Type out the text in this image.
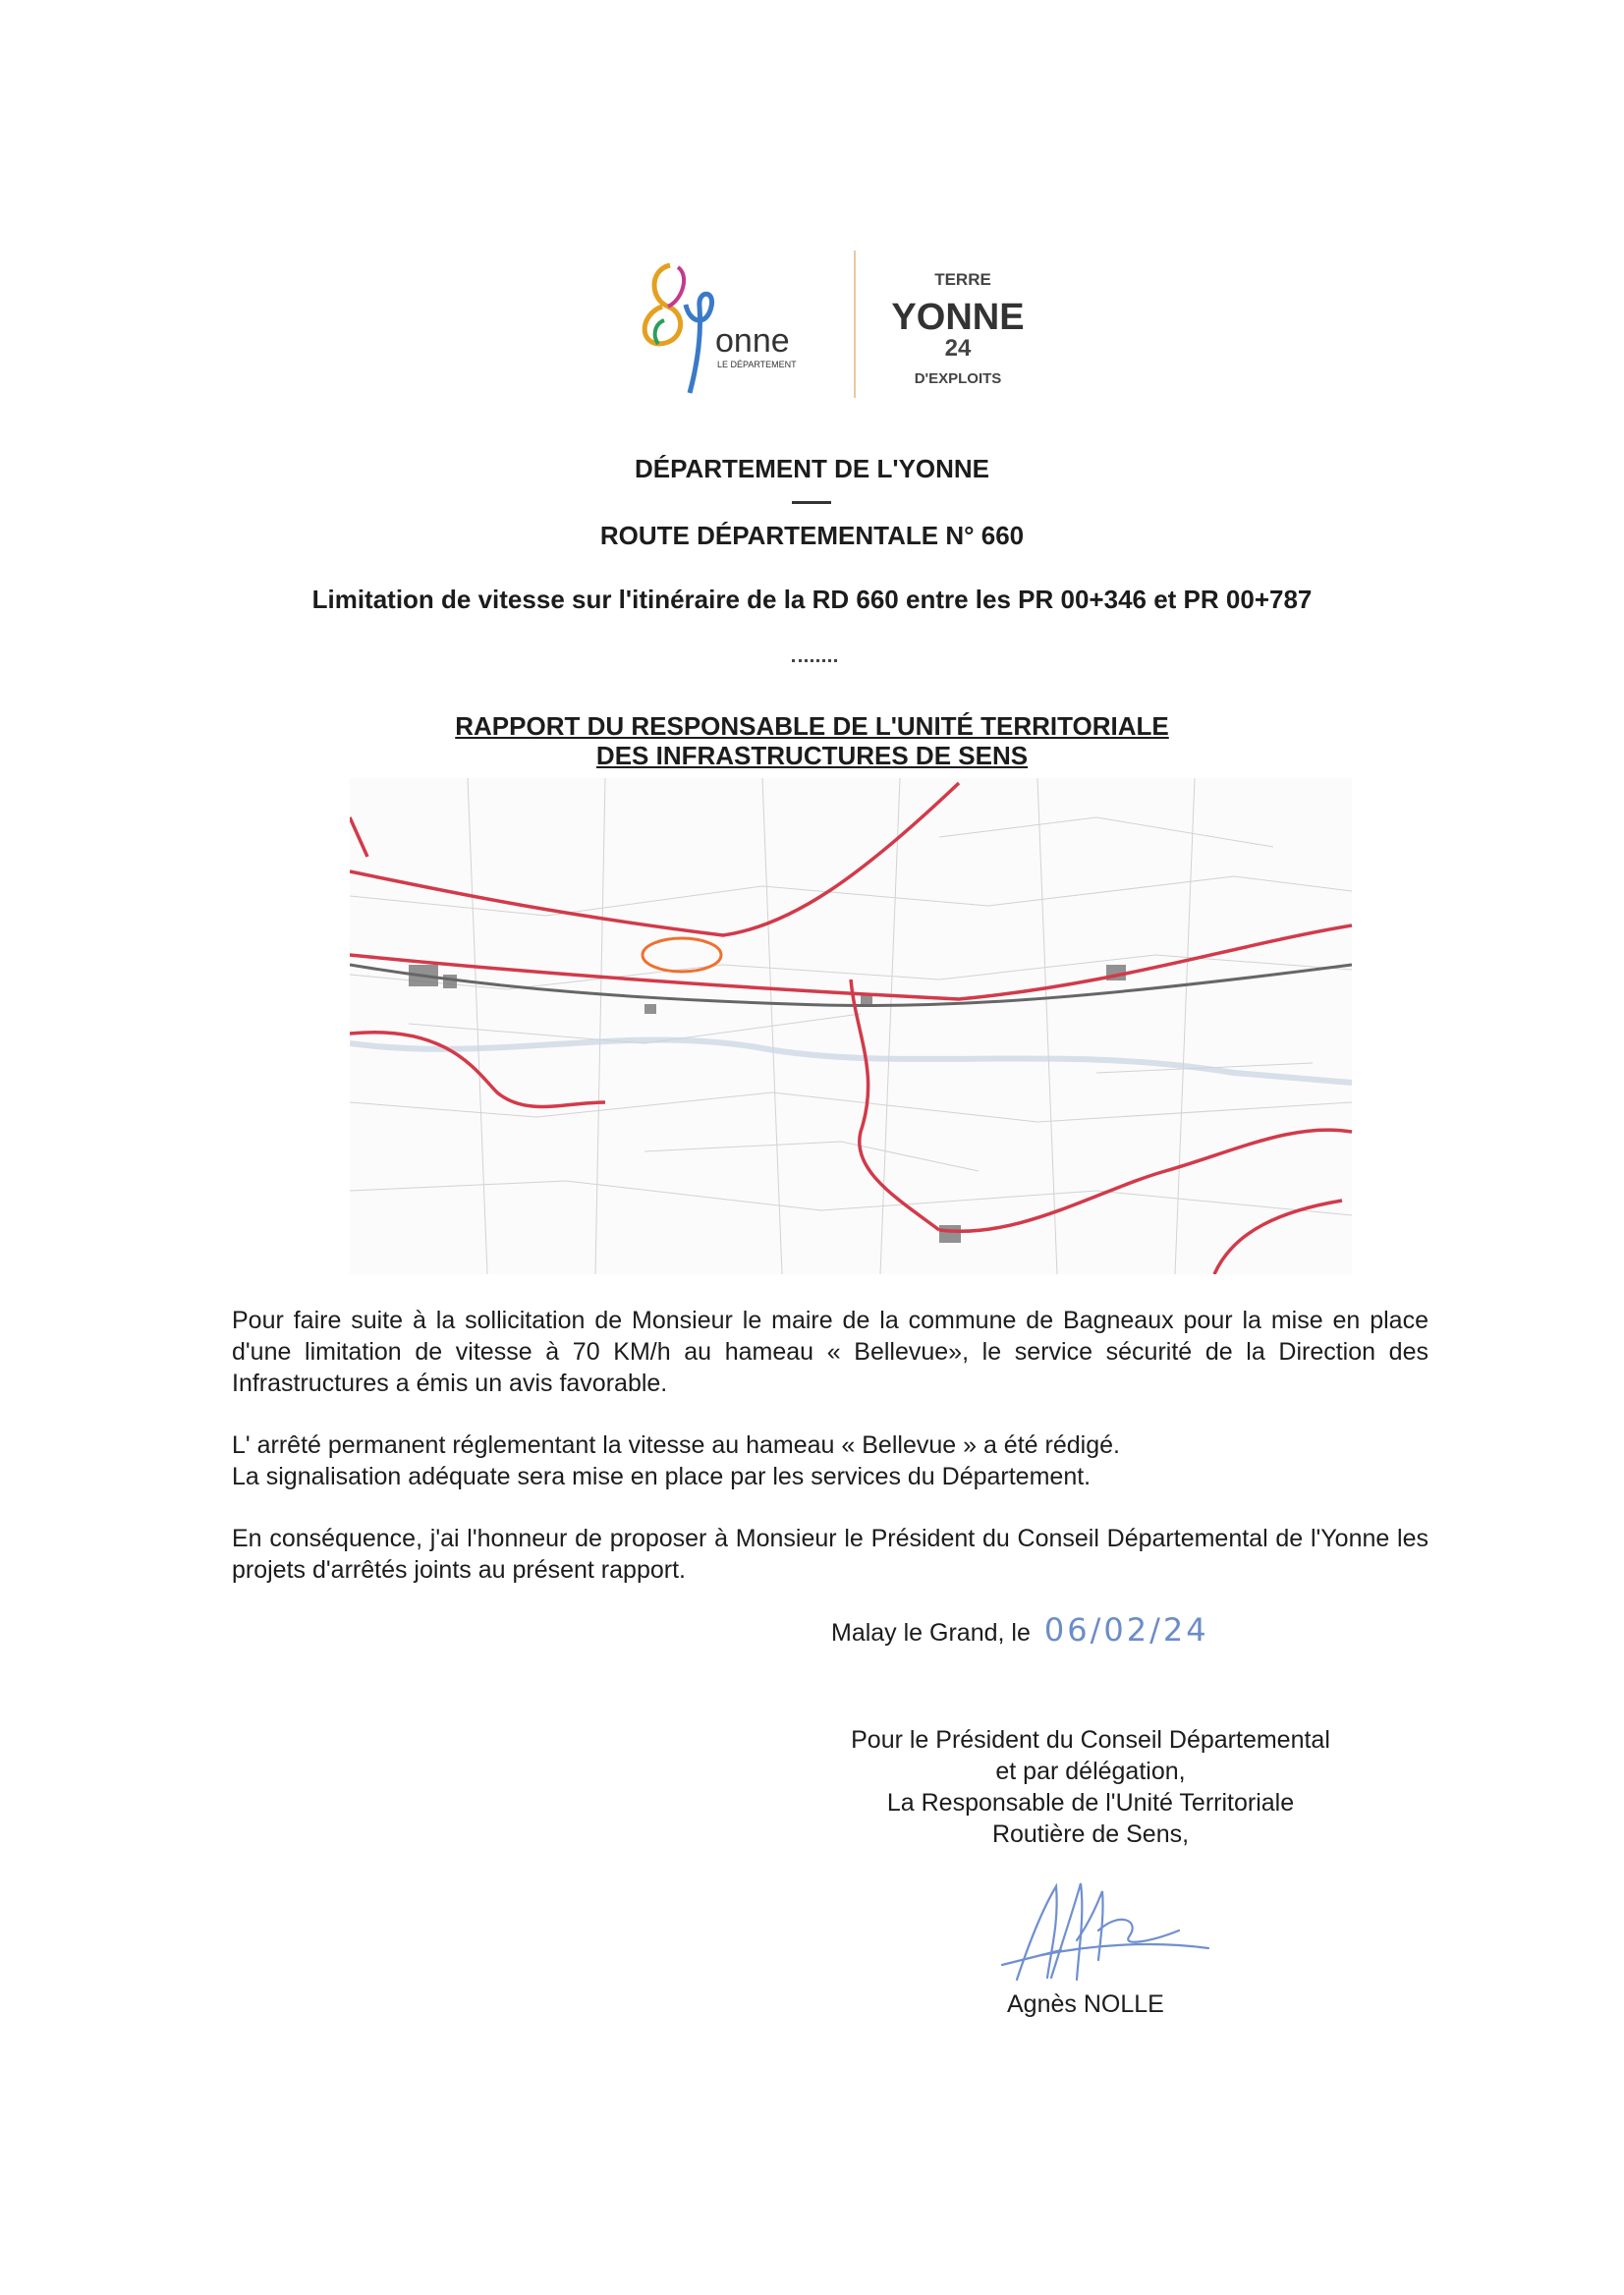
onne
LE DÉPARTEMENT
TERRE
YONNE
24
D'EXPLOITS
DÉPARTEMENT DE L'YONNE
ROUTE DÉPARTEMENTALE N° 660
Limitation de vitesse sur l'itinéraire de la RD 660 entre les PR 00+346 et PR 00+787
RAPPORT DU RESPONSABLE DE L'UNITÉ TERRITORIALE
DES INFRASTRUCTURES DE SENS
Pour faire suite à la sollicitation de Monsieur le maire de la commune de Bagneaux pour la mise en place d'une limitation de vitesse à 70 KM/h au hameau « Bellevue», le service sécurité de la Direction des Infrastructures a émis un avis favorable.
L' arrêté permanent réglementant la vitesse au hameau « Bellevue » a été rédigé.
La signalisation adéquate sera mise en place par les services du Département.
En conséquence, j'ai l'honneur de proposer à Monsieur le Président du Conseil Départemental de l'Yonne les projets d'arrêtés joints au présent rapport.
Malay le Grand, le 06/02/24
Pour le Président du Conseil Départemental
et par délégation,
La Responsable de l'Unité Territoriale
Routière de Sens,
Agnès NOLLE
